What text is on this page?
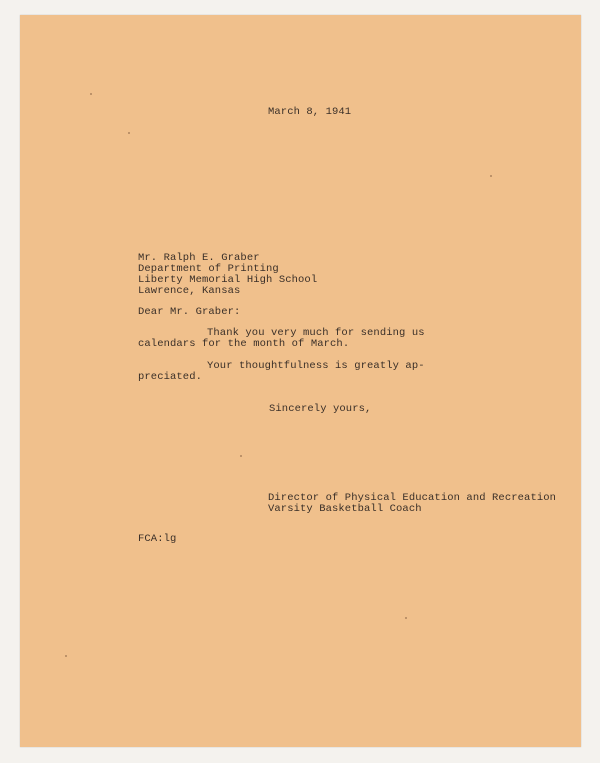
March 8, 1941

Mr. Ralph E. Graber

Department of Printing

Liberty Memorial High School

Lawrence, Kansas

Dear Mr. Graber:

Thank you very much for sending us

calendars for the month of March.

Your thoughtfulness is greatly ap-

preciated.

Sincerely yours,

Director of Physical Education and Recreation

Varsity Basketball Coach

FCA:lg
